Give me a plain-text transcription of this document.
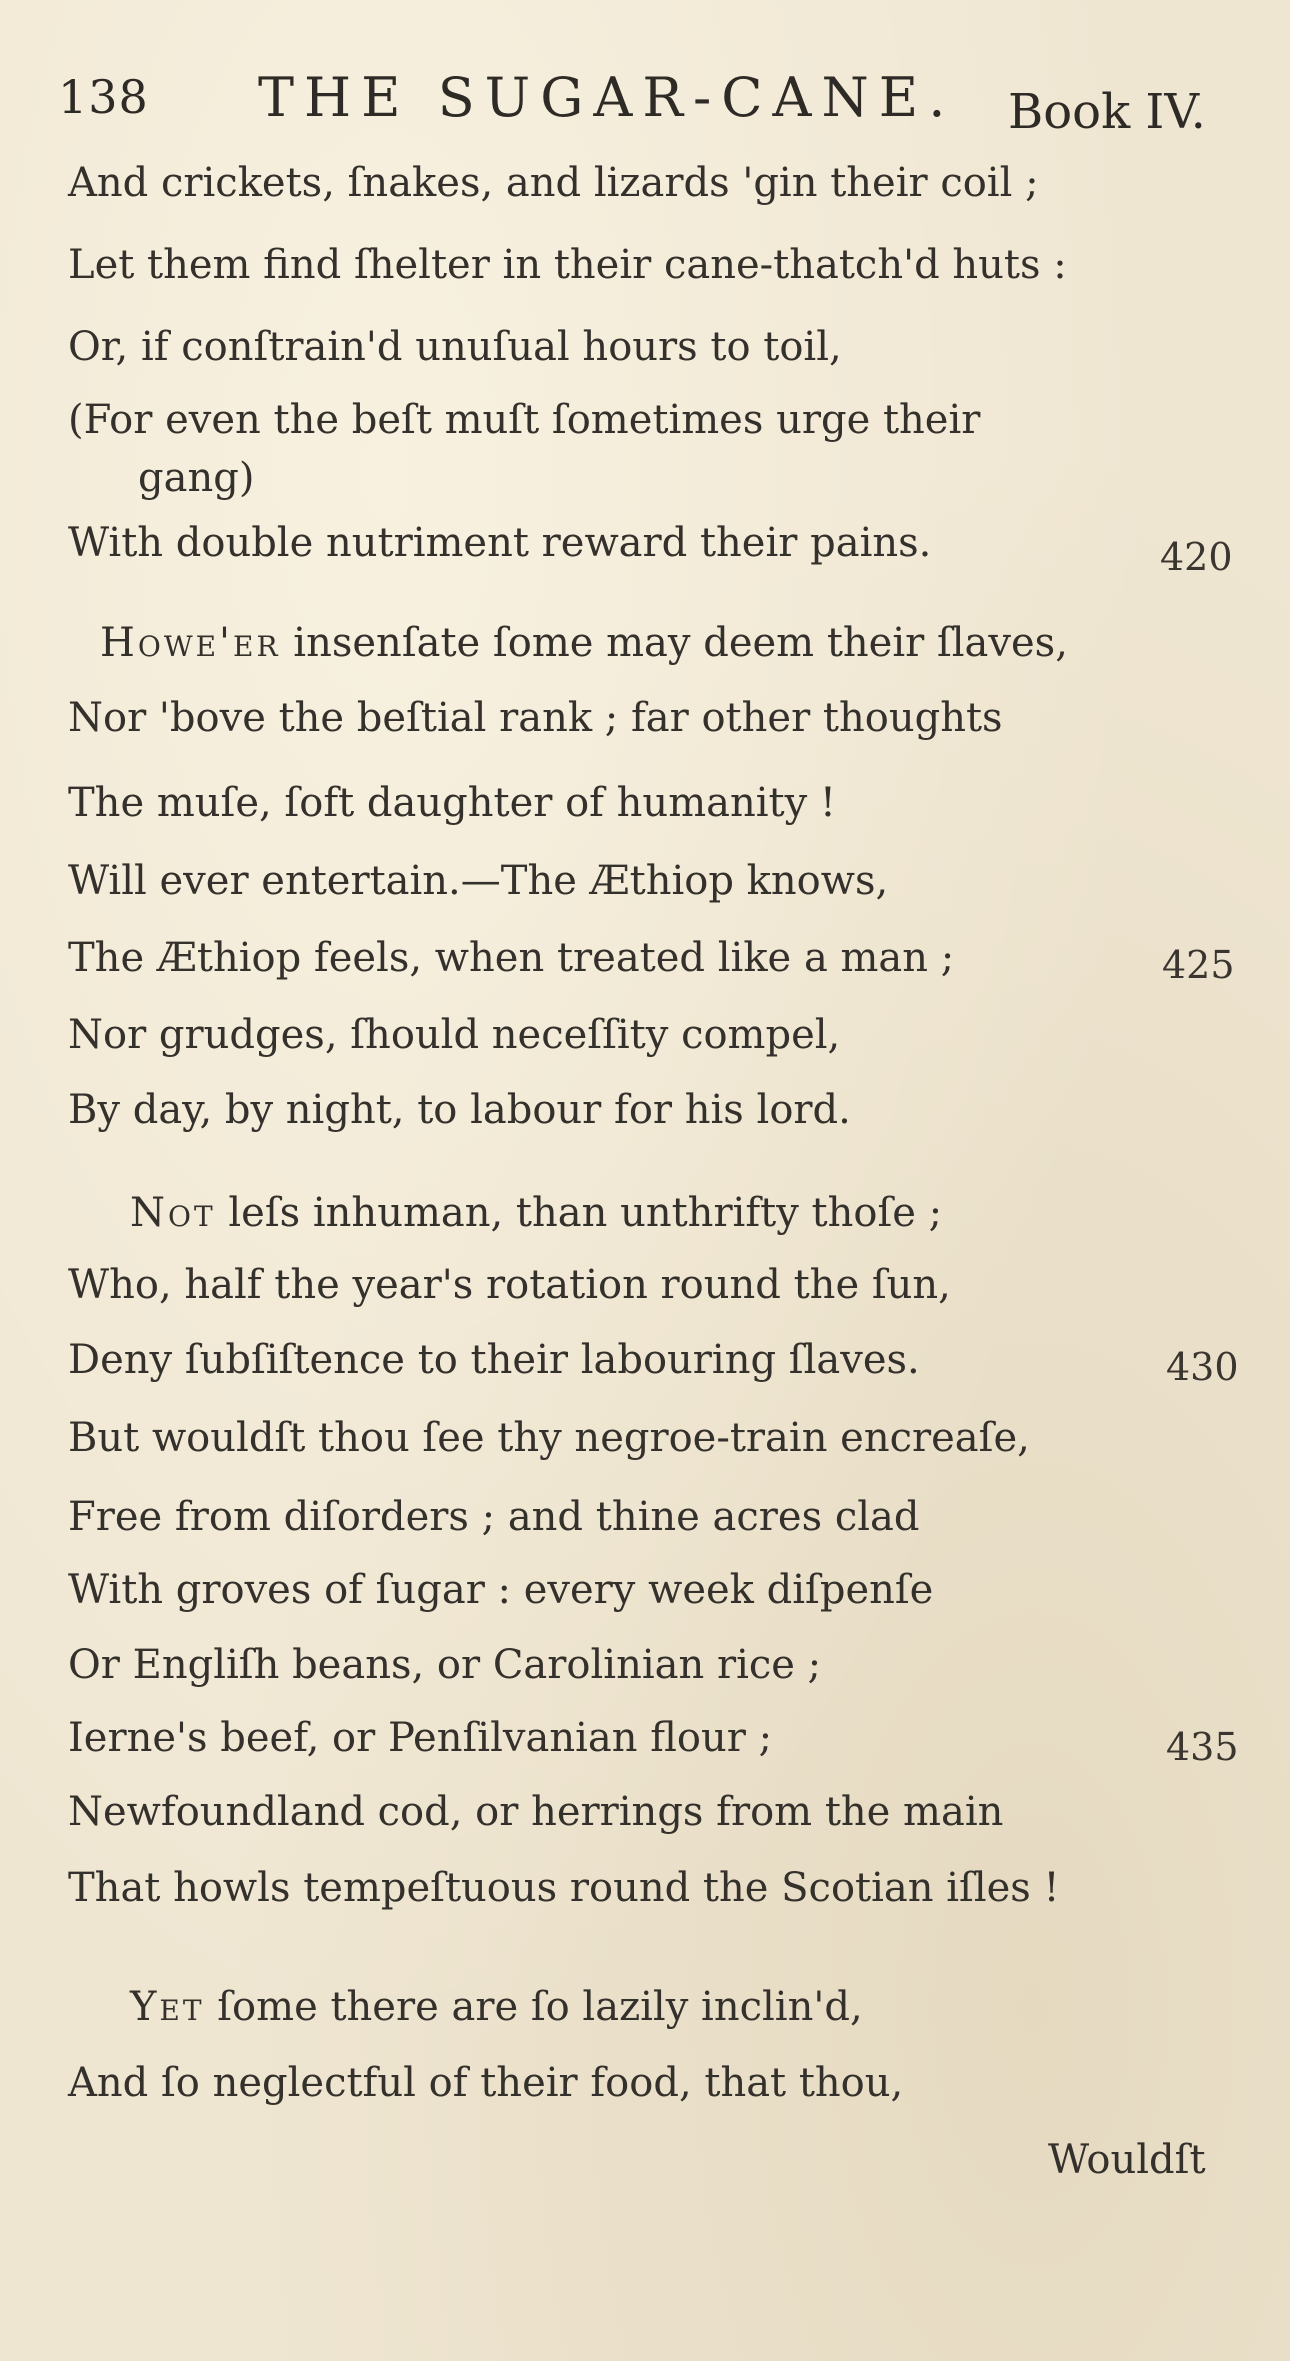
138 THE SUGAR-CANE. Book IV.
And crickets, ſnakes, and lizards 'gin their coil ;
Let them find ſhelter in their cane-thatch'd huts :
Or, if conſtrain'd unuſual hours to toil,
(For even the beſt muſt ſometimes urge their
gang)
With double nutriment reward their pains.	420
Howe'er insenſate ſome may deem their ſlaves,
Nor 'bove the beſtial rank ; far other thoughts
The muſe, ſoft daughter of humanity !
Will ever entertain.—The Æthiop knows,
The Æthiop feels, when treated like a man ;	425
Nor grudges, ſhould neceſſity compel,
By day, by night, to labour for his lord.
Not leſs inhuman, than unthrifty thoſe ;
Who, half the year's rotation round the ſun,
Deny ſubſiſtence to their labouring ſlaves.	430
But wouldſt thou ſee thy negroe-train encreaſe,
Free from diſorders ; and thine acres clad
With groves of ſugar : every week diſpenſe
Or Engliſh beans, or Carolinian rice ;
Ierne's beef, or Penſilvanian flour ;	435
Newfoundland cod, or herrings from the main
That howls tempeſtuous round the Scotian iſles !
Yet ſome there are ſo lazily inclin'd,
And ſo neglectful of their food, that thou,
Wouldſt
